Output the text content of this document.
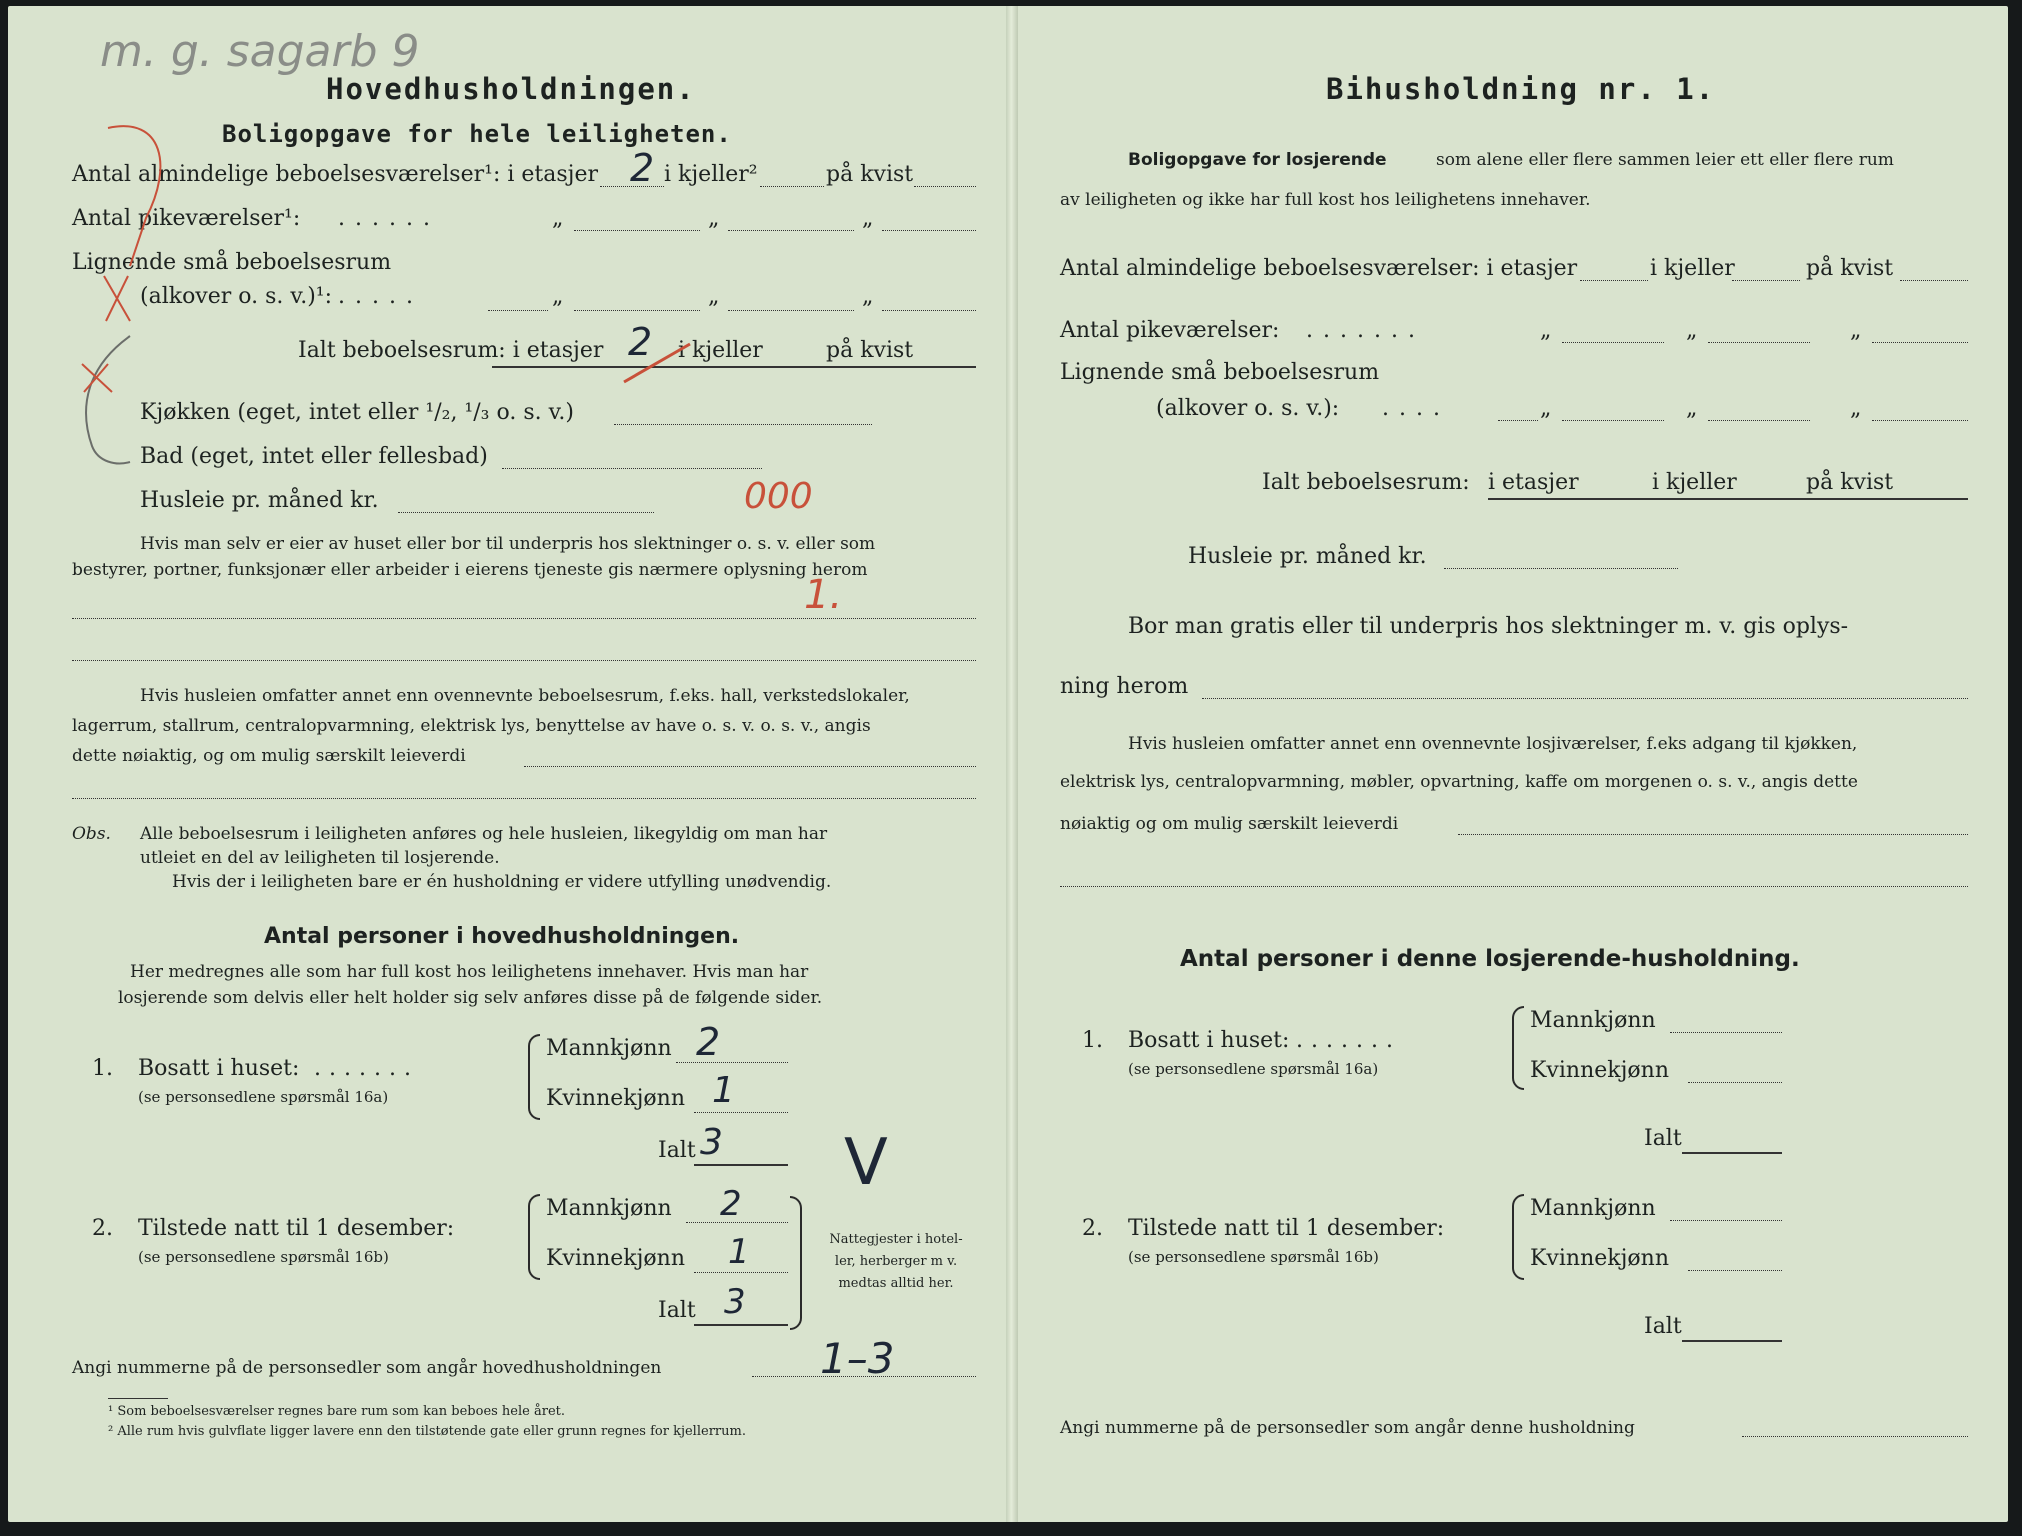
m. g. sagarb 9
Hovedhusholdningen.
Boligopgave for hele leiligheten.
Antal almindelige beboelsesværelser¹: i etasjer 2 i kjeller²	på kvist
Antal pikeværelser¹: ......	„	„	„
Lignende små beboelsesrum
(alkover o. s. v.)¹: .....	„	„	„
Ialt beboelsesrum: i etasjer 2 i kjeller	på kvist
Kjøkken (eget, intet eller ¹/₂, ¹/₃ o. s. v.)
Bad (eget, intet eller fellesbad)
Husleie pr. måned kr.	000
Hvis man selv er eier av huset eller bor til underpris hos slektninger o. s. v. eller som
bestyrer, portner, funksjonær eller arbeider i eierens tjeneste gis nærmere oplysning herom
1.
Hvis husleien omfatter annet enn ovennevnte beboelsesrum, f.eks. hall, verkstedslokaler,
lagerrum, stallrum, centralopvarmning, elektrisk lys, benyttelse av have o. s. v. o. s. v., angis
dette nøiaktig, og om mulig særskilt leieverdi
Obs. Alle beboelsesrum i leiligheten anføres og hele husleien, likegyldig om man har
utleiet en del av leiligheten til losjerende.
Hvis der i leiligheten bare er én husholdning er videre utfylling unødvendig.
Antal personer i hovedhusholdningen.
Her medregnes alle som har full kost hos leilighetens innehaver. Hvis man har
losjerende som delvis eller helt holder sig selv anføres disse på de følgende sider.
1. Bosatt i huset: .......
(se personsedlene spørsmål 16a)
Mannkjønn 2
Kvinnekjønn 1
Ialt 3 V
2. Tilstede natt til 1 desember:
(se personsedlene spørsmål 16b)
Mannkjønn 2
Kvinnekjønn 1
Ialt 3
Nattegjester i hotel-
ler, herberger m v.
medtas alltid her.
Angi nummerne på de personsedler som angår hovedhusholdningen	1–3
¹ Som beboelsesværelser regnes bare rum som kan beboes hele året.
² Alle rum hvis gulvflate ligger lavere enn den tilstøtende gate eller grunn regnes for kjellerrum.
Bihusholdning nr. 1.
Boligopgave for losjerende	som alene eller flere sammen leier ett eller flere rum
av leiligheten og ikke har full kost hos leilighetens innehaver.
Antal almindelige beboelsesværelser: i etasjer	i kjeller	på kvist
Antal pikeværelser: .......	„	„	„
Lignende små beboelsesrum
(alkover o. s. v.): ....	„	„	„
Ialt beboelsesrum: i etasjer	i kjeller	på kvist
Husleie pr. måned kr.
Bor man gratis eller til underpris hos slektninger m. v. gis oplys-
ning herom
Hvis husleien omfatter annet enn ovennevnte losjiværelser, f.eks adgang til kjøkken,
elektrisk lys, centralopvarmning, møbler, opvartning, kaffe om morgenen o. s. v., angis dette
nøiaktig og om mulig særskilt leieverdi
Antal personer i denne losjerende-husholdning.
1. Bosatt i huset: .......
(se personsedlene spørsmål 16a)
Mannkjønn
Kvinnekjønn
Ialt
2. Tilstede natt til 1 desember:
(se personsedlene spørsmål 16b)
Mannkjønn
Kvinnekjønn
Ialt
Angi nummerne på de personsedler som angår denne husholdning
